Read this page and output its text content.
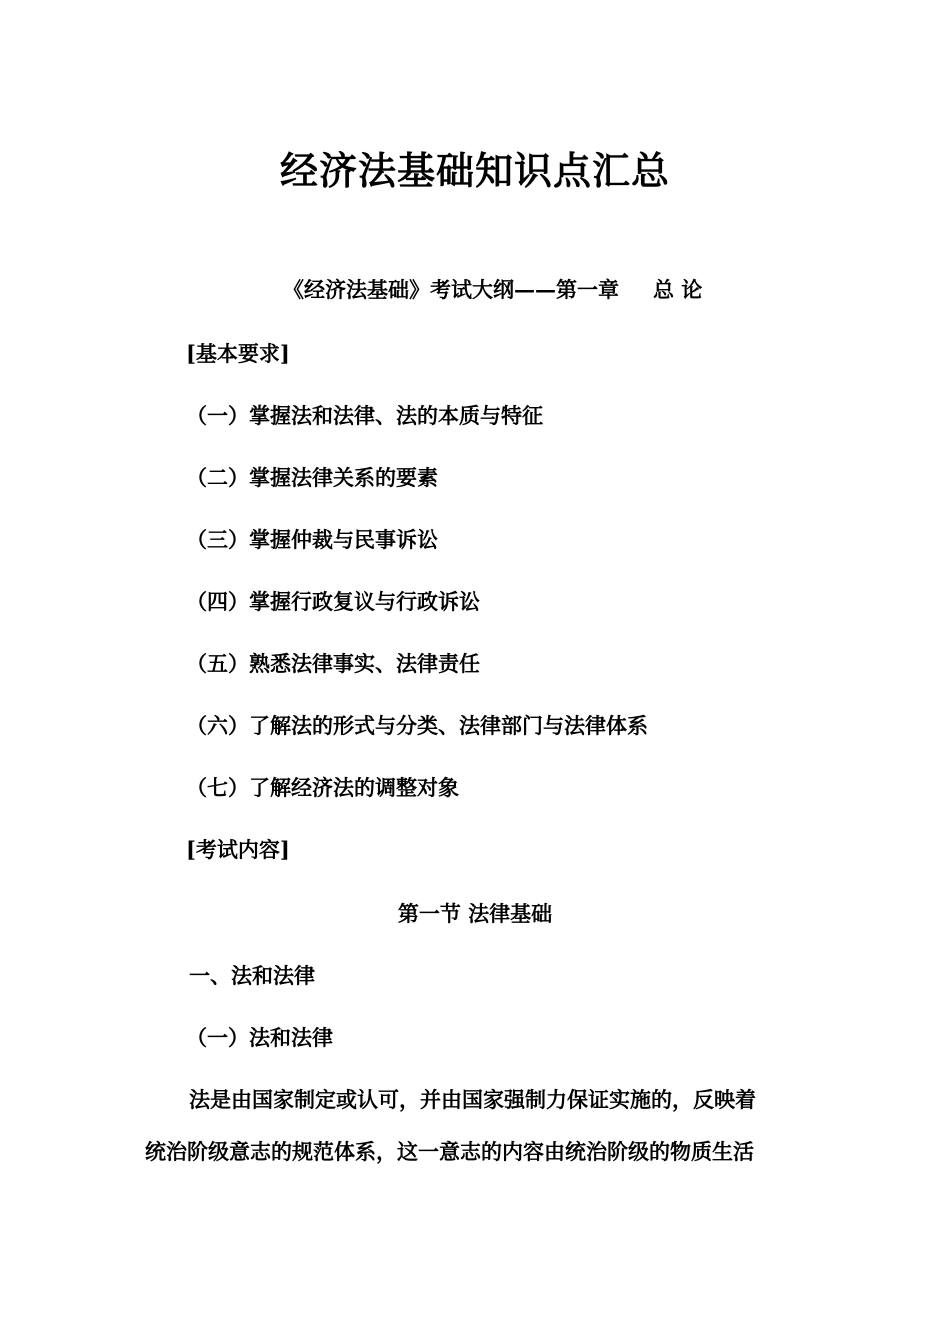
经济法基础知识点汇总
《经济法基础》考试大纲——第一章 总 论
[基本要求]
（一）掌握法和法律、法的本质与特征
（二）掌握法律关系的要素
（三）掌握仲裁与民事诉讼
（四）掌握行政复议与行政诉讼
（五）熟悉法律事实、法律责任
（六）了解法的形式与分类、法律部门与法律体系
（七）了解经济法的调整对象
[考试内容]
第一节 法律基础
一、法和法律
（一）法和法律
法是由国家制定或认可，并由国家强制力保证实施的，反映着
统治阶级意志的规范体系，这一意志的内容由统治阶级的物质生活
